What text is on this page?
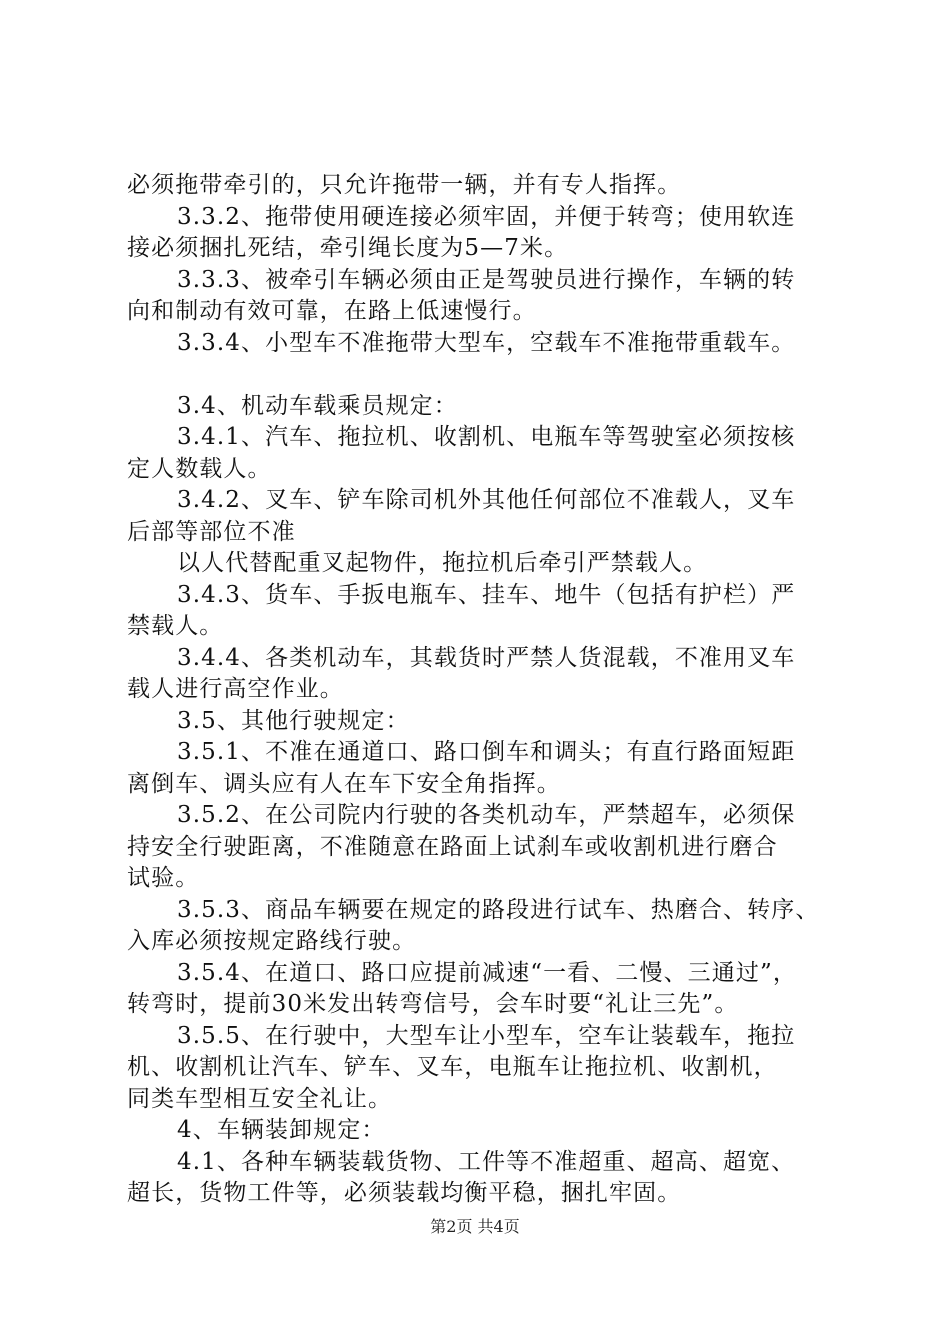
必须拖带牵引的，只允许拖带一辆，并有专人指挥。
3.3.2、拖带使用硬连接必须牢固，并便于转弯；使用软连
接必须捆扎死结，牵引绳长度为5—7米。
3.3.3、被牵引车辆必须由正是驾驶员进行操作，车辆的转
向和制动有效可靠，在路上低速慢行。
3.3.4、小型车不准拖带大型车，空载车不准拖带重载车。
3.4、机动车载乘员规定：
3.4.1、汽车、拖拉机、收割机、电瓶车等驾驶室必须按核
定人数载人。
3.4.2、叉车、铲车除司机外其他任何部位不准载人，叉车
后部等部位不准
以人代替配重叉起物件，拖拉机后牵引严禁载人。
3.4.3、货车、手扳电瓶车、挂车、地牛（包括有护栏）严
禁载人。
3.4.4、各类机动车，其载货时严禁人货混载，不准用叉车
载人进行高空作业。
3.5、其他行驶规定：
3.5.1、不准在通道口、路口倒车和调头；有直行路面短距
离倒车、调头应有人在车下安全角指挥。
3.5.2、在公司院内行驶的各类机动车，严禁超车，必须保
持安全行驶距离，不准随意在路面上试刹车或收割机进行磨合
试验。
3.5.3、商品车辆要在规定的路段进行试车、热磨合、转序、
入库必须按规定路线行驶。
3.5.4、在道口、路口应提前减速“一看、二慢、三通过”，
转弯时，提前30米发出转弯信号，会车时要“礼让三先”。
3.5.5、在行驶中，大型车让小型车，空车让装载车，拖拉
机、收割机让汽车、铲车、叉车，电瓶车让拖拉机、收割机，
同类车型相互安全礼让。
4、车辆装卸规定：
4.1、各种车辆装载货物、工件等不准超重、超高、超宽、
超长，货物工件等，必须装载均衡平稳，捆扎牢固。
第2页 共4页
